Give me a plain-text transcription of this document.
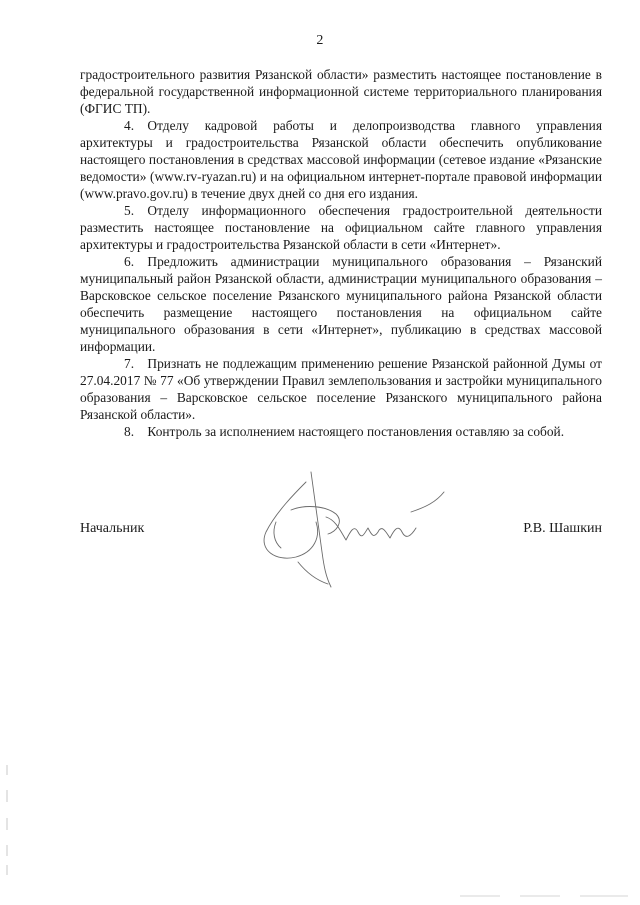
2

градостроительного развития Рязанской области» разместить настоящее постановление в федеральной государственной информационной системе территориального планирования (ФГИС ТП).

4. Отделу кадровой работы и делопроизводства главного управления архитектуры и градостроительства Рязанской области обеспечить опубликование настоящего постановления в средствах массовой информации (сетевое издание «Рязанские ведомости» (www.rv-ryazan.ru) и на официальном интернет-портале правовой информации (www.pravo.gov.ru) в течение двух дней со дня его издания.

5. Отделу информационного обеспечения градостроительной деятельности разместить настоящее постановление на официальном сайте главного управления архитектуры и градостроительства Рязанской области в сети «Интернет».

6. Предложить администрации муниципального образования – Рязанский муниципальный район Рязанской области, администрации муниципального образования – Варсковское сельское поселение Рязанского муниципального района Рязанской области обеспечить размещение настоящего постановления на официальном сайте муниципального образования в сети «Интернет», публикацию в средствах массовой информации.

7. Признать не подлежащим применению решение Рязанской районной Думы от 27.04.2017 № 77 «Об утверждении Правил землепользования и застройки муниципального образования – Варсковское сельское поселение Рязанского муниципального района Рязанской области».

8. Контроль за исполнением настоящего постановления оставляю за собой.

Начальник	Р.В. Шашкин
